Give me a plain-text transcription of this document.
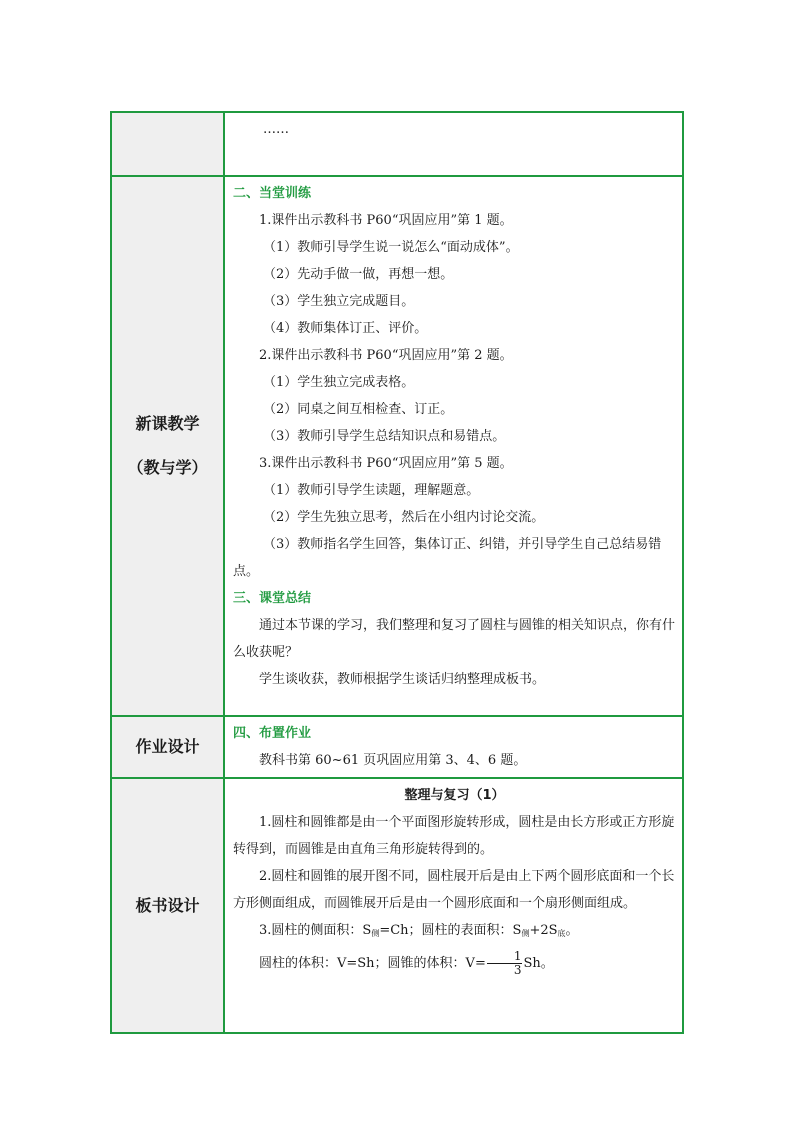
……

新课教学
（教与学）

二、当堂训练

1.课件出示教科书 P60“巩固应用”第 1 题。

（1）教师引导学生说一说怎么“面动成体”。

（2）先动手做一做，再想一想。

（3）学生独立完成题目。

（4）教师集体订正、评价。

2.课件出示教科书 P60“巩固应用”第 2 题。

（1）学生独立完成表格。

（2）同桌之间互相检查、订正。

（3）教师引导学生总结知识点和易错点。

3.课件出示教科书 P60“巩固应用”第 5 题。

（1）教师引导学生读题，理解题意。

（2）学生先独立思考，然后在小组内讨论交流。

（3）教师指名学生回答，集体订正、纠错，并引导学生自己总结易错点。

三、课堂总结

通过本节课的学习，我们整理和复习了圆柱与圆锥的相关知识点，你有什么收获呢？

学生谈收获，教师根据学生谈话归纳整理成板书。

作业设计

四、布置作业

教科书第 60~61 页巩固应用第 3、4、6 题。

板书设计

整理与复习（1）

1.圆柱和圆锥都是由一个平面图形旋转形成，圆柱是由长方形或正方形旋转得到，而圆锥是由直角三角形旋转得到的。

2.圆柱和圆锥的展开图不同，圆柱展开后是由上下两个圆形底面和一个长方形侧面组成，而圆锥展开后是由一个圆形底面和一个扇形侧面组成。

3.圆柱的侧面积：S侧=Ch；圆柱的表面积：S侧+2S底。

圆柱的体积：V=Sh；圆锥的体积：$V= \frac{1}{3}$ Sh。
